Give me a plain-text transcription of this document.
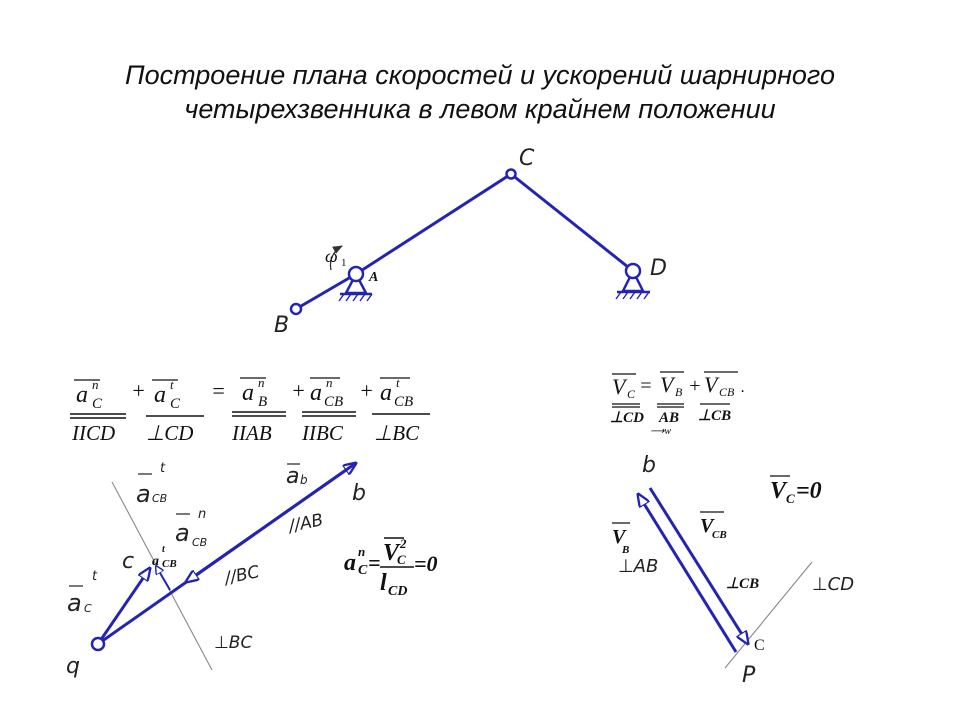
Построение плана скоростей и ускорений шарнирного
четырехзвенника в левом крайнем положении
C
D
B
A
ω 1
a n
C
IICD
+ a t
C
⊥CD
= a n
B
IIAB
+ a n
CB
IIBC
+ a t
CB
⊥BC
q
b
c
a b
//AB
//BC
⊥BC
a
t
CB
a
n
CB
a
t
C
a
t
CB	a n
C = V 2
C
l CD
=0
V C = V B + V CB .
⊥CD AB
⟶w
⊥CB
b
P
C
V C =0
V
B
⊥AB
V
CB
⊥CB	⊥CD
